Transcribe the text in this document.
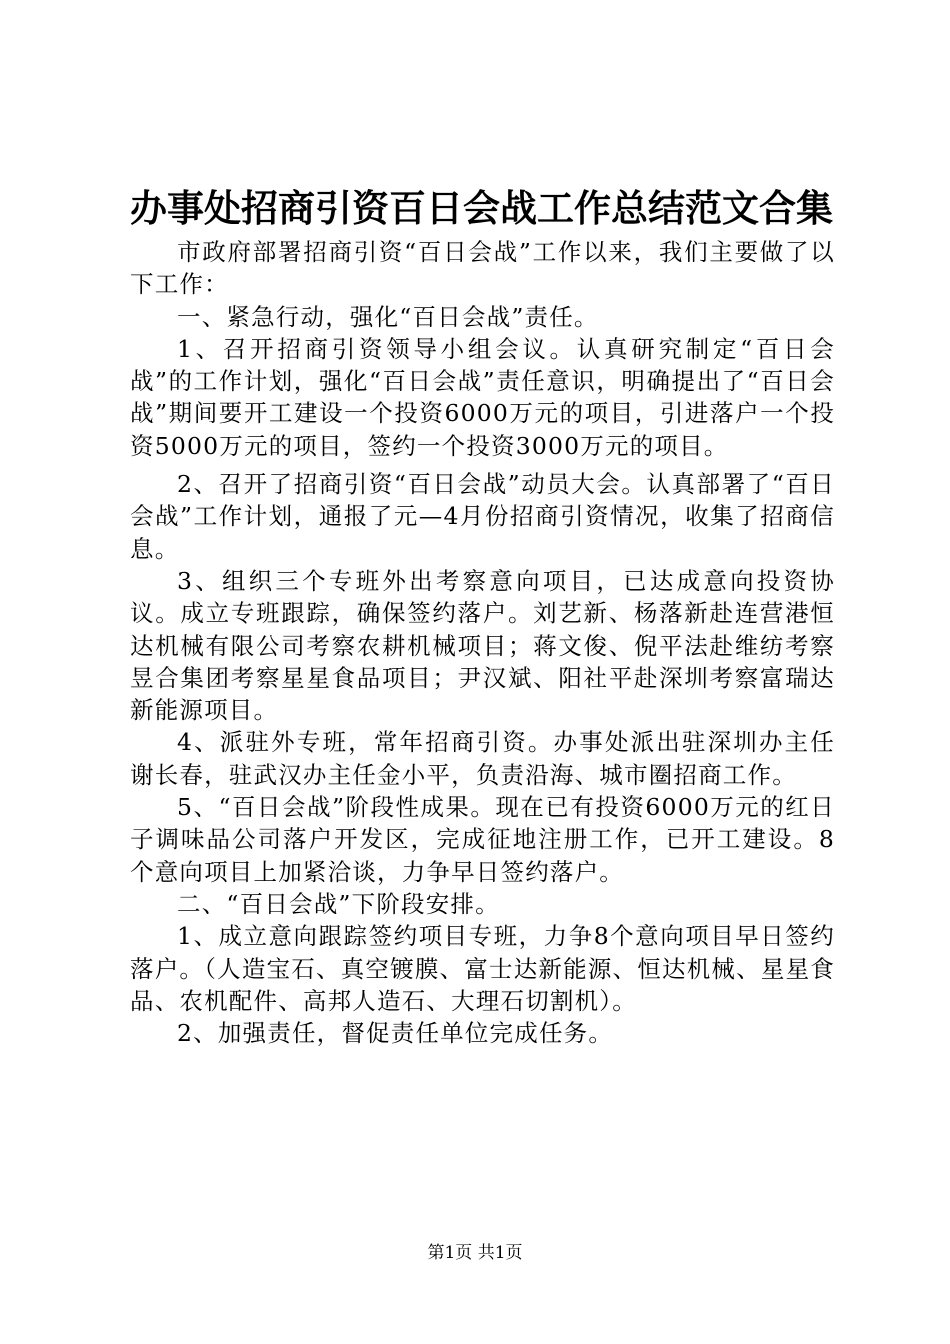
办事处招商引资百日会战工作总结范文合集

市政府部署招商引资“百日会战”工作以来，我们主要做了以下工作：

一、紧急行动，强化“百日会战”责任。

1、召开招商引资领导小组会议。认真研究制定“百日会战”的工作计划，强化“百日会战”责任意识，明确提出了“百日会战”期间要开工建设一个投资6000万元的项目，引进落户一个投资5000万元的项目，签约一个投资3000万元的项目。

2、召开了招商引资“百日会战”动员大会。认真部署了“百日会战”工作计划，通报了元—4月份招商引资情况，收集了招商信息。

3、组织三个专班外出考察意向项目，已达成意向投资协议。成立专班跟踪，确保签约落户。刘艺新、杨落新赴连营港恒达机械有限公司考察农耕机械项目；蒋文俊、倪平法赴维纺考察昱合集团考察星星食品项目；尹汉斌、阳社平赴深圳考察富瑞达新能源项目。

4、派驻外专班，常年招商引资。办事处派出驻深圳办主任谢长春，驻武汉办主任金小平，负责沿海、城市圈招商工作。

5、“百日会战”阶段性成果。现在已有投资6000万元的红日子调味品公司落户开发区，完成征地注册工作，已开工建设。8个意向项目上加紧洽谈，力争早日签约落户。

二、“百日会战”下阶段安排。

1、成立意向跟踪签约项目专班，力争8个意向项目早日签约落户。（人造宝石、真空镀膜、富士达新能源、恒达机械、星星食品、农机配件、高邦人造石、大理石切割机）。

2、加强责任，督促责任单位完成任务。

第1页 共1页
